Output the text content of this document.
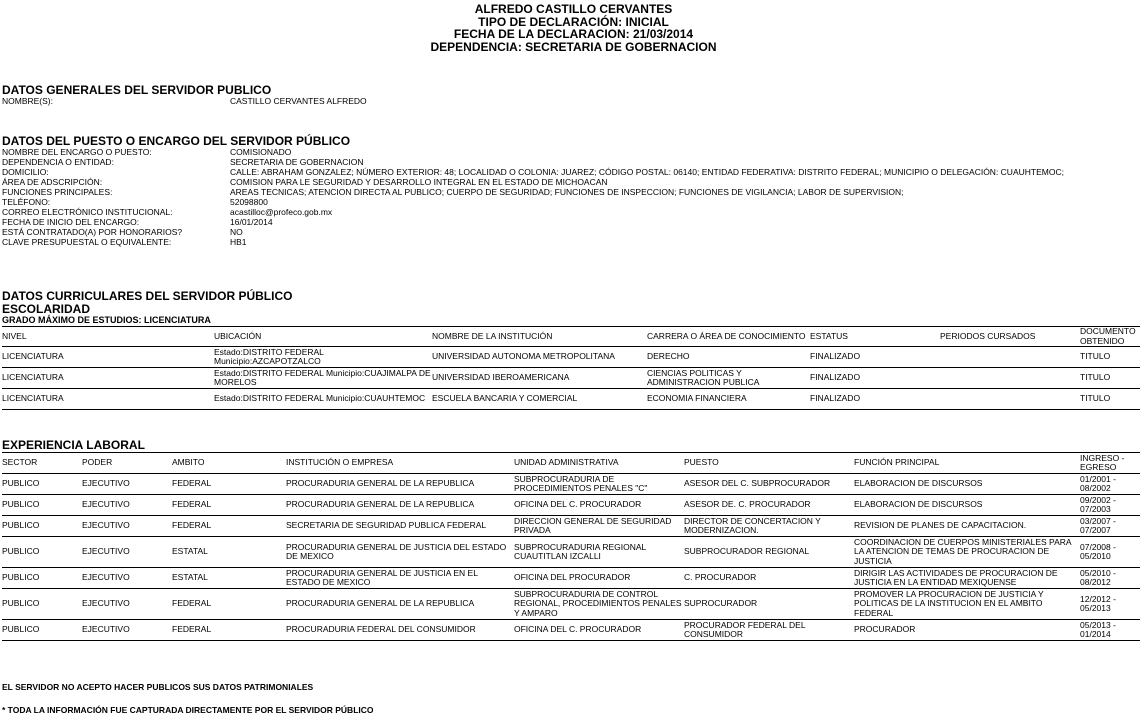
ALFREDO CASTILLO CERVANTES
TIPO DE DECLARACIÓN: INICIAL
FECHA DE LA DECLARACION: 21/03/2014
DEPENDENCIA: SECRETARIA DE GOBERNACION
DATOS GENERALES DEL SERVIDOR PUBLICO
NOMBRE(S):	CASTILLO CERVANTES ALFREDO
DATOS DEL PUESTO O ENCARGO DEL SERVIDOR PÚBLICO
NOMBRE DEL ENCARGO O PUESTO:	COMISIONADO
DEPENDENCIA O ENTIDAD:	SECRETARIA DE GOBERNACION
DOMICILIO:	CALLE: ABRAHAM GONZALEZ; NÚMERO EXTERIOR: 48; LOCALIDAD O COLONIA: JUAREZ; CÓDIGO POSTAL: 06140; ENTIDAD FEDERATIVA: DISTRITO FEDERAL; MUNICIPIO O DELEGACIÓN: CUAUHTEMOC;
ÁREA DE ADSCRIPCIÓN:	COMISION PARA LE SEGURIDAD Y DESARROLLO INTEGRAL EN EL ESTADO DE MICHOACAN
FUNCIONES PRINCIPALES:	AREAS TECNICAS; ATENCION DIRECTA AL PUBLICO; CUERPO DE SEGURIDAD; FUNCIONES DE INSPECCION; FUNCIONES DE VIGILANCIA; LABOR DE SUPERVISION;
TELÉFONO:	52098800
CORREO ELECTRÓNICO INSTITUCIONAL:	acastilloc@profeco.gob.mx
FECHA DE INICIO DEL ENCARGO:	16/01/2014
ESTÁ CONTRATADO(A) POR HONORARIOS?	NO
CLAVE PRESUPUESTAL O EQUIVALENTE:	HB1
DATOS CURRICULARES DEL SERVIDOR PÚBLICO
ESCOLARIDAD
GRADO MÁXIMO DE ESTUDIOS: LICENCIATURA
NIVEL	UBICACIÓN	NOMBRE DE LA INSTITUCIÓN	CARRERA O ÁREA DE CONOCIMIENTO	ESTATUS	PERIODOS CURSADOS	DOCUMENTO OBTENIDO
LICENCIATURA	Estado:DISTRITO FEDERAL Municipio:AZCAPOTZALCO	UNIVERSIDAD AUTONOMA METROPOLITANA	DERECHO	FINALIZADO		TITULO
LICENCIATURA	Estado:DISTRITO FEDERAL Municipio:CUAJIMALPA DE MORELOS	UNIVERSIDAD IBEROAMERICANA	CIENCIAS POLITICAS Y ADMINISTRACION PUBLICA	FINALIZADO		TITULO
LICENCIATURA	Estado:DISTRITO FEDERAL Municipio:CUAUHTEMOC	ESCUELA BANCARIA Y COMERCIAL	ECONOMIA FINANCIERA	FINALIZADO		TITULO
EXPERIENCIA LABORAL
SECTOR	PODER	AMBITO	INSTITUCIÓN O EMPRESA	UNIDAD ADMINISTRATIVA	PUESTO	FUNCIÓN PRINCIPAL	INGRESO - EGRESO
PUBLICO	EJECUTIVO	FEDERAL	PROCURADURIA GENERAL DE LA REPUBLICA	SUBPROCURADURIA DE PROCEDIMIENTOS PENALES "C"	ASESOR DEL C. SUBPROCURADOR	ELABORACION DE DISCURSOS	01/2001 - 08/2002
PUBLICO	EJECUTIVO	FEDERAL	PROCURADURIA GENERAL DE LA REPUBLICA	OFICINA DEL C. PROCURADOR	ASESOR DE. C. PROCURADOR	ELABORACION DE DISCURSOS	09/2002 - 07/2003
PUBLICO	EJECUTIVO	FEDERAL	SECRETARIA DE SEGURIDAD PUBLICA FEDERAL	DIRECCION GENERAL DE SEGURIDAD PRIVADA	DIRECTOR DE CONCERTACION Y MODERNIZACION.	REVISION DE PLANES DE CAPACITACION.	03/2007 - 07/2007
PUBLICO	EJECUTIVO	ESTATAL	PROCURADURIA GENERAL DE JUSTICIA DEL ESTADO DE MEXICO	SUBPROCURADURIA REGIONAL CUAUTITLAN IZCALLI	SUBPROCURADOR REGIONAL	COORDINACION DE CUERPOS MINISTERIALES PARA LA ATENCION DE TEMAS DE PROCURACION DE JUSTICIA	07/2008 - 05/2010
PUBLICO	EJECUTIVO	ESTATAL	PROCURADURIA GENERAL DE JUSTICIA EN EL ESTADO DE MEXICO	OFICINA DEL PROCURADOR	C. PROCURADOR	DIRIGIR LAS ACTIVIDADES DE PROCURACION DE JUSTICIA EN LA ENTIDAD MEXIQUENSE	05/2010 - 08/2012
PUBLICO	EJECUTIVO	FEDERAL	PROCURADURIA GENERAL DE LA REPUBLICA	SUBPROCURADURIA DE CONTROL REGIONAL, PROCEDIMIENTOS PENALES Y AMPARO	SUPROCURADOR	PROMOVER LA PROCURACION DE JUSTICIA Y POLITICAS DE LA INSTITUCION EN EL AMBITO FEDERAL	12/2012 - 05/2013
PUBLICO	EJECUTIVO	FEDERAL	PROCURADURIA FEDERAL DEL CONSUMIDOR	OFICINA DEL C. PROCURADOR	PROCURADOR FEDERAL DEL CONSUMIDOR	PROCURADOR	05/2013 - 01/2014
EL SERVIDOR NO ACEPTO HACER PUBLICOS SUS DATOS PATRIMONIALES
* TODA LA INFORMACIÓN FUE CAPTURADA DIRECTAMENTE POR EL SERVIDOR PÚBLICO
